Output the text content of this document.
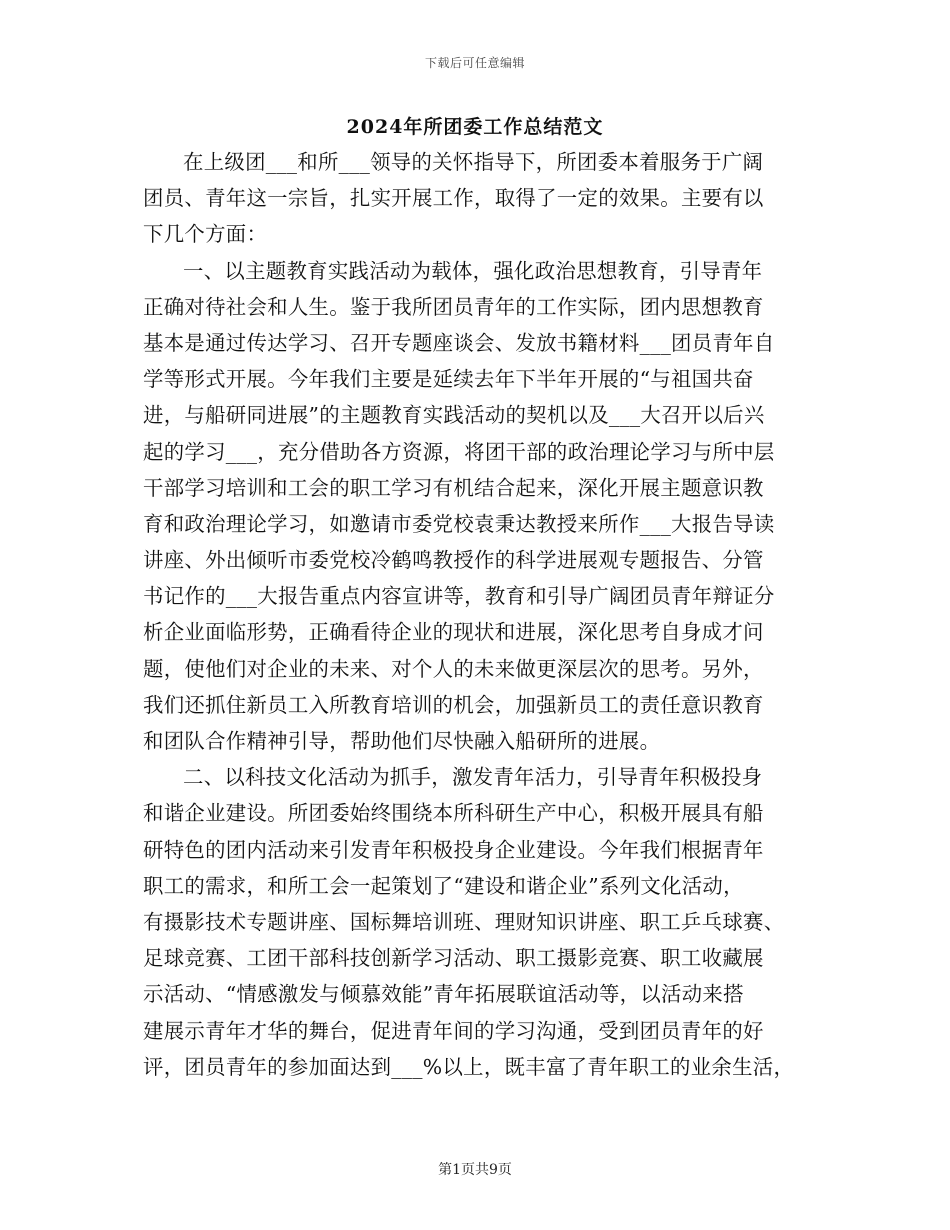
下载后可任意编辑
2024年所团委工作总结范文
在上级团___和所___领导的关怀指导下，所团委本着服务于广阔
团员、青年这一宗旨，扎实开展工作，取得了一定的效果。主要有以
下几个方面：
一、以主题教育实践活动为载体，强化政治思想教育，引导青年
正确对待社会和人生。鉴于我所团员青年的工作实际，团内思想教育
基本是通过传达学习、召开专题座谈会、发放书籍材料___团员青年自
学等形式开展。今年我们主要是延续去年下半年开展的“与祖国共奋
进，与船研同进展”的主题教育实践活动的契机以及___大召开以后兴
起的学习___，充分借助各方资源，将团干部的政治理论学习与所中层
干部学习培训和工会的职工学习有机结合起来，深化开展主题意识教
育和政治理论学习，如邀请市委党校袁秉达教授来所作___大报告导读
讲座、外出倾听市委党校冷鹤鸣教授作的科学进展观专题报告、分管
书记作的___大报告重点内容宣讲等，教育和引导广阔团员青年辩证分
析企业面临形势，正确看待企业的现状和进展，深化思考自身成才问
题，使他们对企业的未来、对个人的未来做更深层次的思考。另外，
我们还抓住新员工入所教育培训的机会，加强新员工的责任意识教育
和团队合作精神引导，帮助他们尽快融入船研所的进展。
二、以科技文化活动为抓手，激发青年活力，引导青年积极投身
和谐企业建设。所团委始终围绕本所科研生产中心，积极开展具有船
研特色的团内活动来引发青年积极投身企业建设。今年我们根据青年
职工的需求，和所工会一起策划了“建设和谐企业”系列文化活动，
有摄影技术专题讲座、国标舞培训班、理财知识讲座、职工乒乓球赛、
足球竞赛、工团干部科技创新学习活动、职工摄影竞赛、职工收藏展
示活动、“情感激发与倾慕效能”青年拓展联谊活动等，以活动来搭
建展示青年才华的舞台，促进青年间的学习沟通，受到团员青年的好
评，团员青年的参加面达到___%以上，既丰富了青年职工的业余生活，
第1页共9页
